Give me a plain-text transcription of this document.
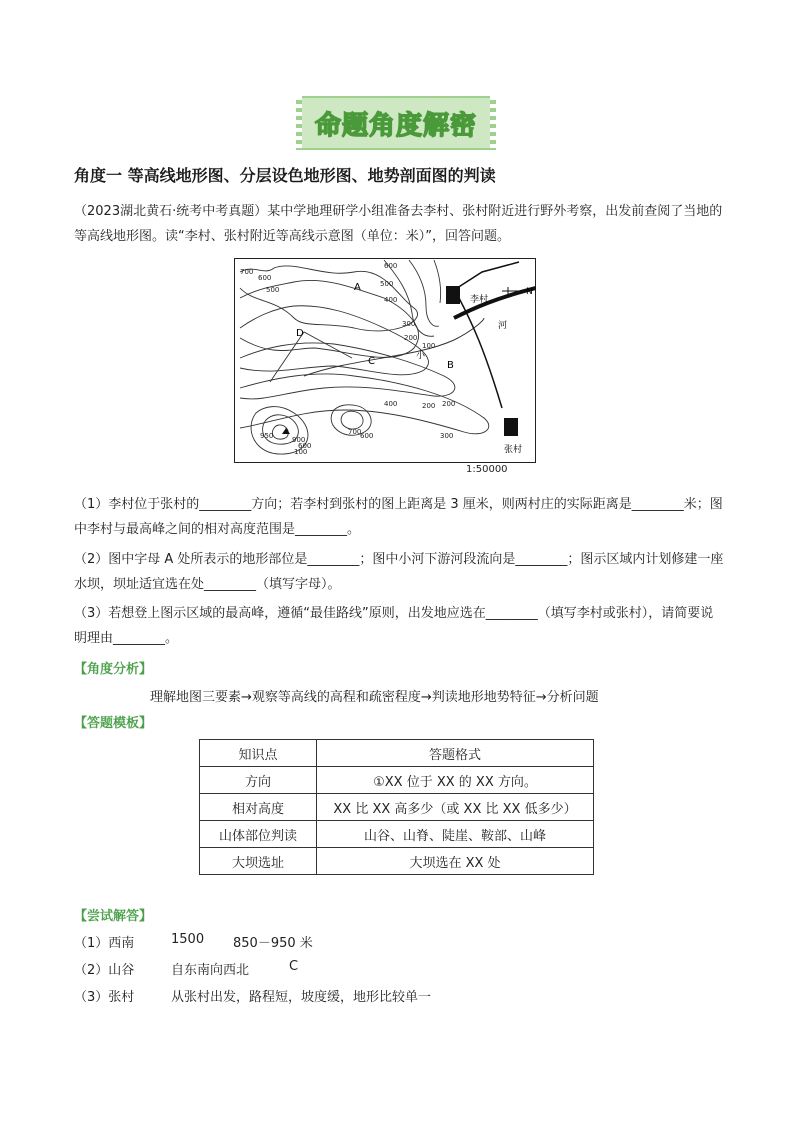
命题角度解密
角度一 等高线地形图、分层设色地形图、地势剖面图的判读
（2023湖北黄石·统考中考真题）某中学地理研学小组准备去李村、张村附近进行野外考察，出发前查阅了当地的等高线地形图。读“李村、张村附近等高线示意图（单位：米）”，回答问题。
李村
张村
N
河
小
A
B
C
D
700
600
500
600
500
400
300
200
100
400	200
300
200
100
950	900
600
700
600
1:50000
（1）李村位于张村的________方向；若李村到张村的图上距离是 3 厘米，则两村庄的实际距离是________米；图中李村与最高峰之间的相对高度范围是________。
（2）图中字母 A 处所表示的地形部位是________；图中小河下游河段流向是________；图示区域内计划修建一座水坝，坝址适宜选在处________（填写字母）。
（3）若想登上图示区域的最高峰，遵循“最佳路线”原则，出发地应选在________（填写李村或张村），请简要说明理由________。
【角度分析】
理解地图三要素→观察等高线的高程和疏密程度→判读地形地势特征→分析问题
【答题模板】
知识点	答题格式
方向	①XX 位于 XX 的 XX 方向。
相对高度	XX 比 XX 高多少（或 XX 比 XX 低多少）
山体部位判读	山谷、山脊、陡崖、鞍部、山峰
大坝选址	大坝选在 XX 处
【尝试解答】
（1）西南	1500 850－950 米
（2）山谷	自东南向西北	C
（3）张村	从张村出发，路程短，坡度缓，地形比较单一
